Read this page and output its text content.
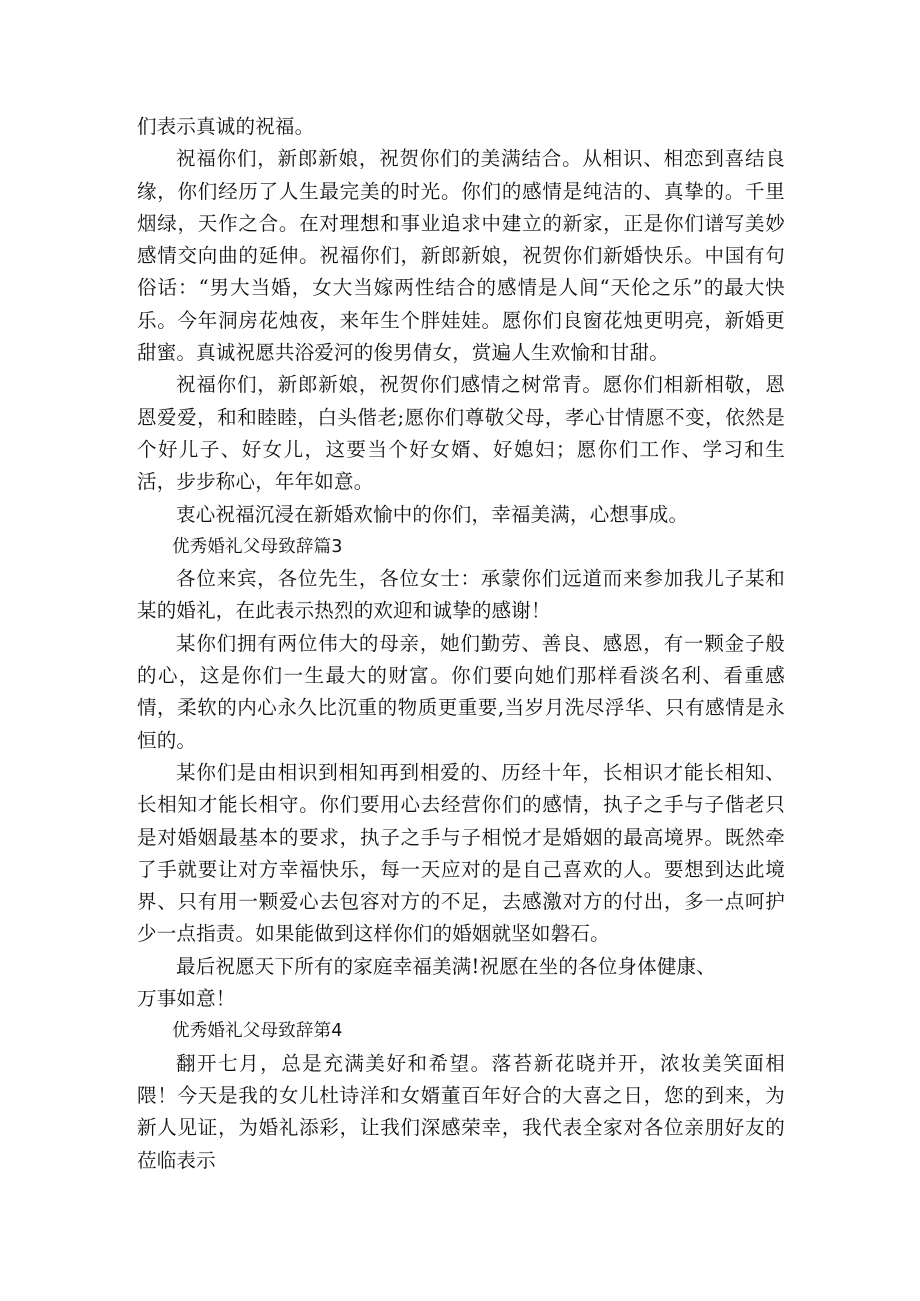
们表示真诚的祝福。

祝福你们，新郎新娘，祝贺你们的美满结合。从相识、相恋到喜结良缘，你们经历了人生最完美的时光。你们的感情是纯洁的、真挚的。千里烟绿，天作之合。在对理想和事业追求中建立的新家，正是你们谱写美妙感情交向曲的延伸。祝福你们，新郎新娘，祝贺你们新婚快乐。中国有句俗话：“男大当婚，女大当嫁两性结合的感情是人间“天伦之乐”的最大快乐。今年洞房花烛夜，来年生个胖娃娃。愿你们良窗花烛更明亮，新婚更甜蜜。真诚祝愿共浴爱河的俊男倩女，赏遍人生欢愉和甘甜。

祝福你们，新郎新娘，祝贺你们感情之树常青。愿你们相新相敬，恩恩爱爱，和和睦睦，白头偕老;愿你们尊敬父母，孝心甘情愿不变，依然是个好儿子、好女儿，这要当个好女婿、好媳妇；愿你们工作、学习和生活，步步称心，年年如意。

衷心祝福沉浸在新婚欢愉中的你们，幸福美满，心想事成。

优秀婚礼父母致辞篇3

各位来宾，各位先生，各位女士：承蒙你们远道而来参加我儿子某和某的婚礼，在此表示热烈的欢迎和诚挚的感谢！

某你们拥有两位伟大的母亲，她们勤劳、善良、感恩，有一颗金子般的心，这是你们一生最大的财富。你们要向她们那样看淡名利、看重感情，柔软的内心永久比沉重的物质更重要,当岁月洗尽浮华、只有感情是永恒的。

某你们是由相识到相知再到相爱的、历经十年，长相识才能长相知、长相知才能长相守。你们要用心去经营你们的感情，执子之手与子偕老只是对婚姻最基本的要求，执子之手与子相悦才是婚姻的最高境界。既然牵了手就要让对方幸福快乐，每一天应对的是自己喜欢的人。要想到达此境界、只有用一颗爱心去包容对方的不足，去感激对方的付出，多一点呵护少一点指责。如果能做到这样你们的婚姻就坚如磐石。

最后祝愿天下所有的家庭幸福美满!祝愿在坐的各位身体健康、

万事如意！

优秀婚礼父母致辞第4

翻开七月，总是充满美好和希望。落苔新花晓并开，浓妆美笑面相隈！今天是我的女儿杜诗洋和女婿董百年好合的大喜之日，您的到来，为新人见证，为婚礼添彩，让我们深感荣幸，我代表全家对各位亲朋好友的莅临表示
